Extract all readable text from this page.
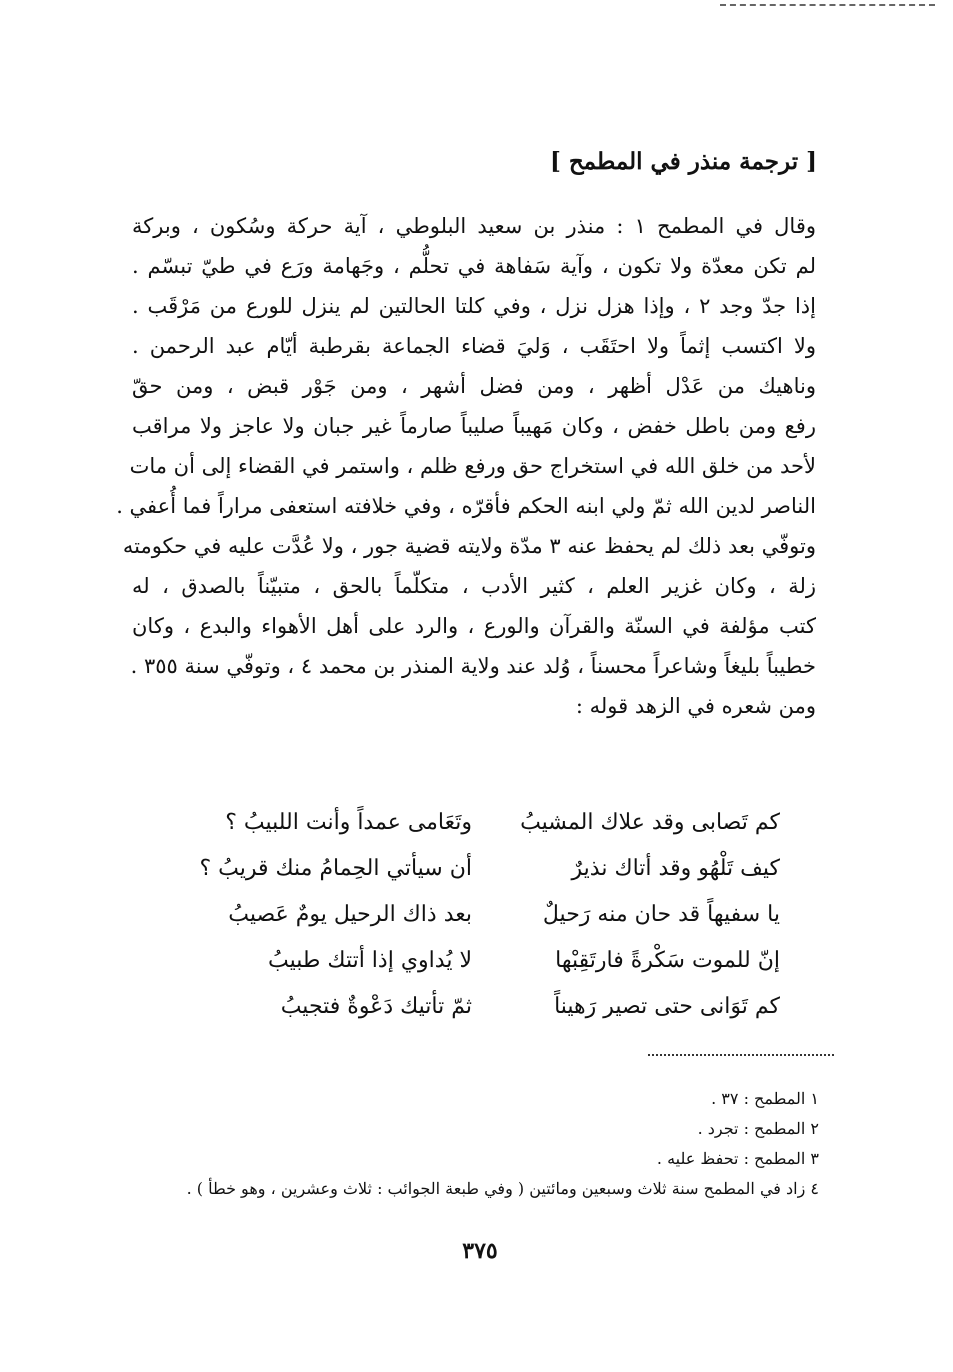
[ ترجمة منذر في المطمح ]
وقال في المطمح ١ : منذر بن سعيد البلوطي ، آية حركة وسُكون ، وبركة
لم تكن معدّة ولا تكون ، وآية سَفاهة في تحلُّم ، وجَهامة ورَع في طيّ تبسّم .
إذا جدّ وجد ٢ ، وإذا هزل نزل ، وفي كلتا الحالتين لم ينزل للورع من مَرْقَب .
ولا اكتسب إثماً ولا احتَقَب ، وَليَ قضاء الجماعة بقرطبة أيّام عبد الرحمن .
وناهيك من عَدْل أظهر ، ومن فضل أشهر ، ومن جَوْر قبض ، ومن حقّ
رفع ومن باطل خفض ، وكان مَهيباً صليباً صارماً غير جبان ولا عاجز ولا مراقب
لأحد من خلق الله في استخراج حق ورفع ظلم ، واستمر في القضاء إلى أن مات
الناصر لدين الله ثمّ ولي ابنه الحكم فأقرّه ، وفي خلافته استعفى مراراً فما أُعفي .
وتوفّي بعد ذلك لم يحفظ عنه ٣ مدّة ولايته قضية جور ، ولا عُدَّت عليه في حكومته
زلة ، وكان غزير العلم ، كثير الأدب ، متكلّماً بالحق ، متبيّناً بالصدق ، له
كتب مؤلفة في السنّة والقرآن والورع ، والرد على أهل الأهواء والبدع ، وكان
خطيباً بليغاً وشاعراً محسناً ، وُلد عند ولاية المنذر بن محمد ٤ ، وتوفّي سنة ٣٥٥ .
ومن شعره في الزهد قوله :
كم تَصابى وقد علاك المشيبُ
وتَعَامى عمداً وأنت اللبيبُ ؟
كيف تَلْهُو وقد أتاك نذيرٌ
أن سيأتي الحِمامُ منك قريبُ ؟
يا سفيهاً قد حان منه رَحيلٌ
بعد ذاك الرحيل يومٌ عَصيبُ
إنّ للموت سَكْرةً فارتَقِبْها
لا يُداوي إذا أتتك طبيبُ
كم تَوَانى حتى تصير رَهيناً
ثمّ تأتيك دَعْوةٌ فتجيبُ
١ المطمح : ٣٧ .
٢ المطمح : تجرد .
٣ المطمح : تحفظ عليه .
٤ زاد في المطمح سنة ثلاث وسبعين ومائتين ( وفي طبعة الجوائب : ثلاث وعشرين ، وهو خطأ ) .
٣٧٥
